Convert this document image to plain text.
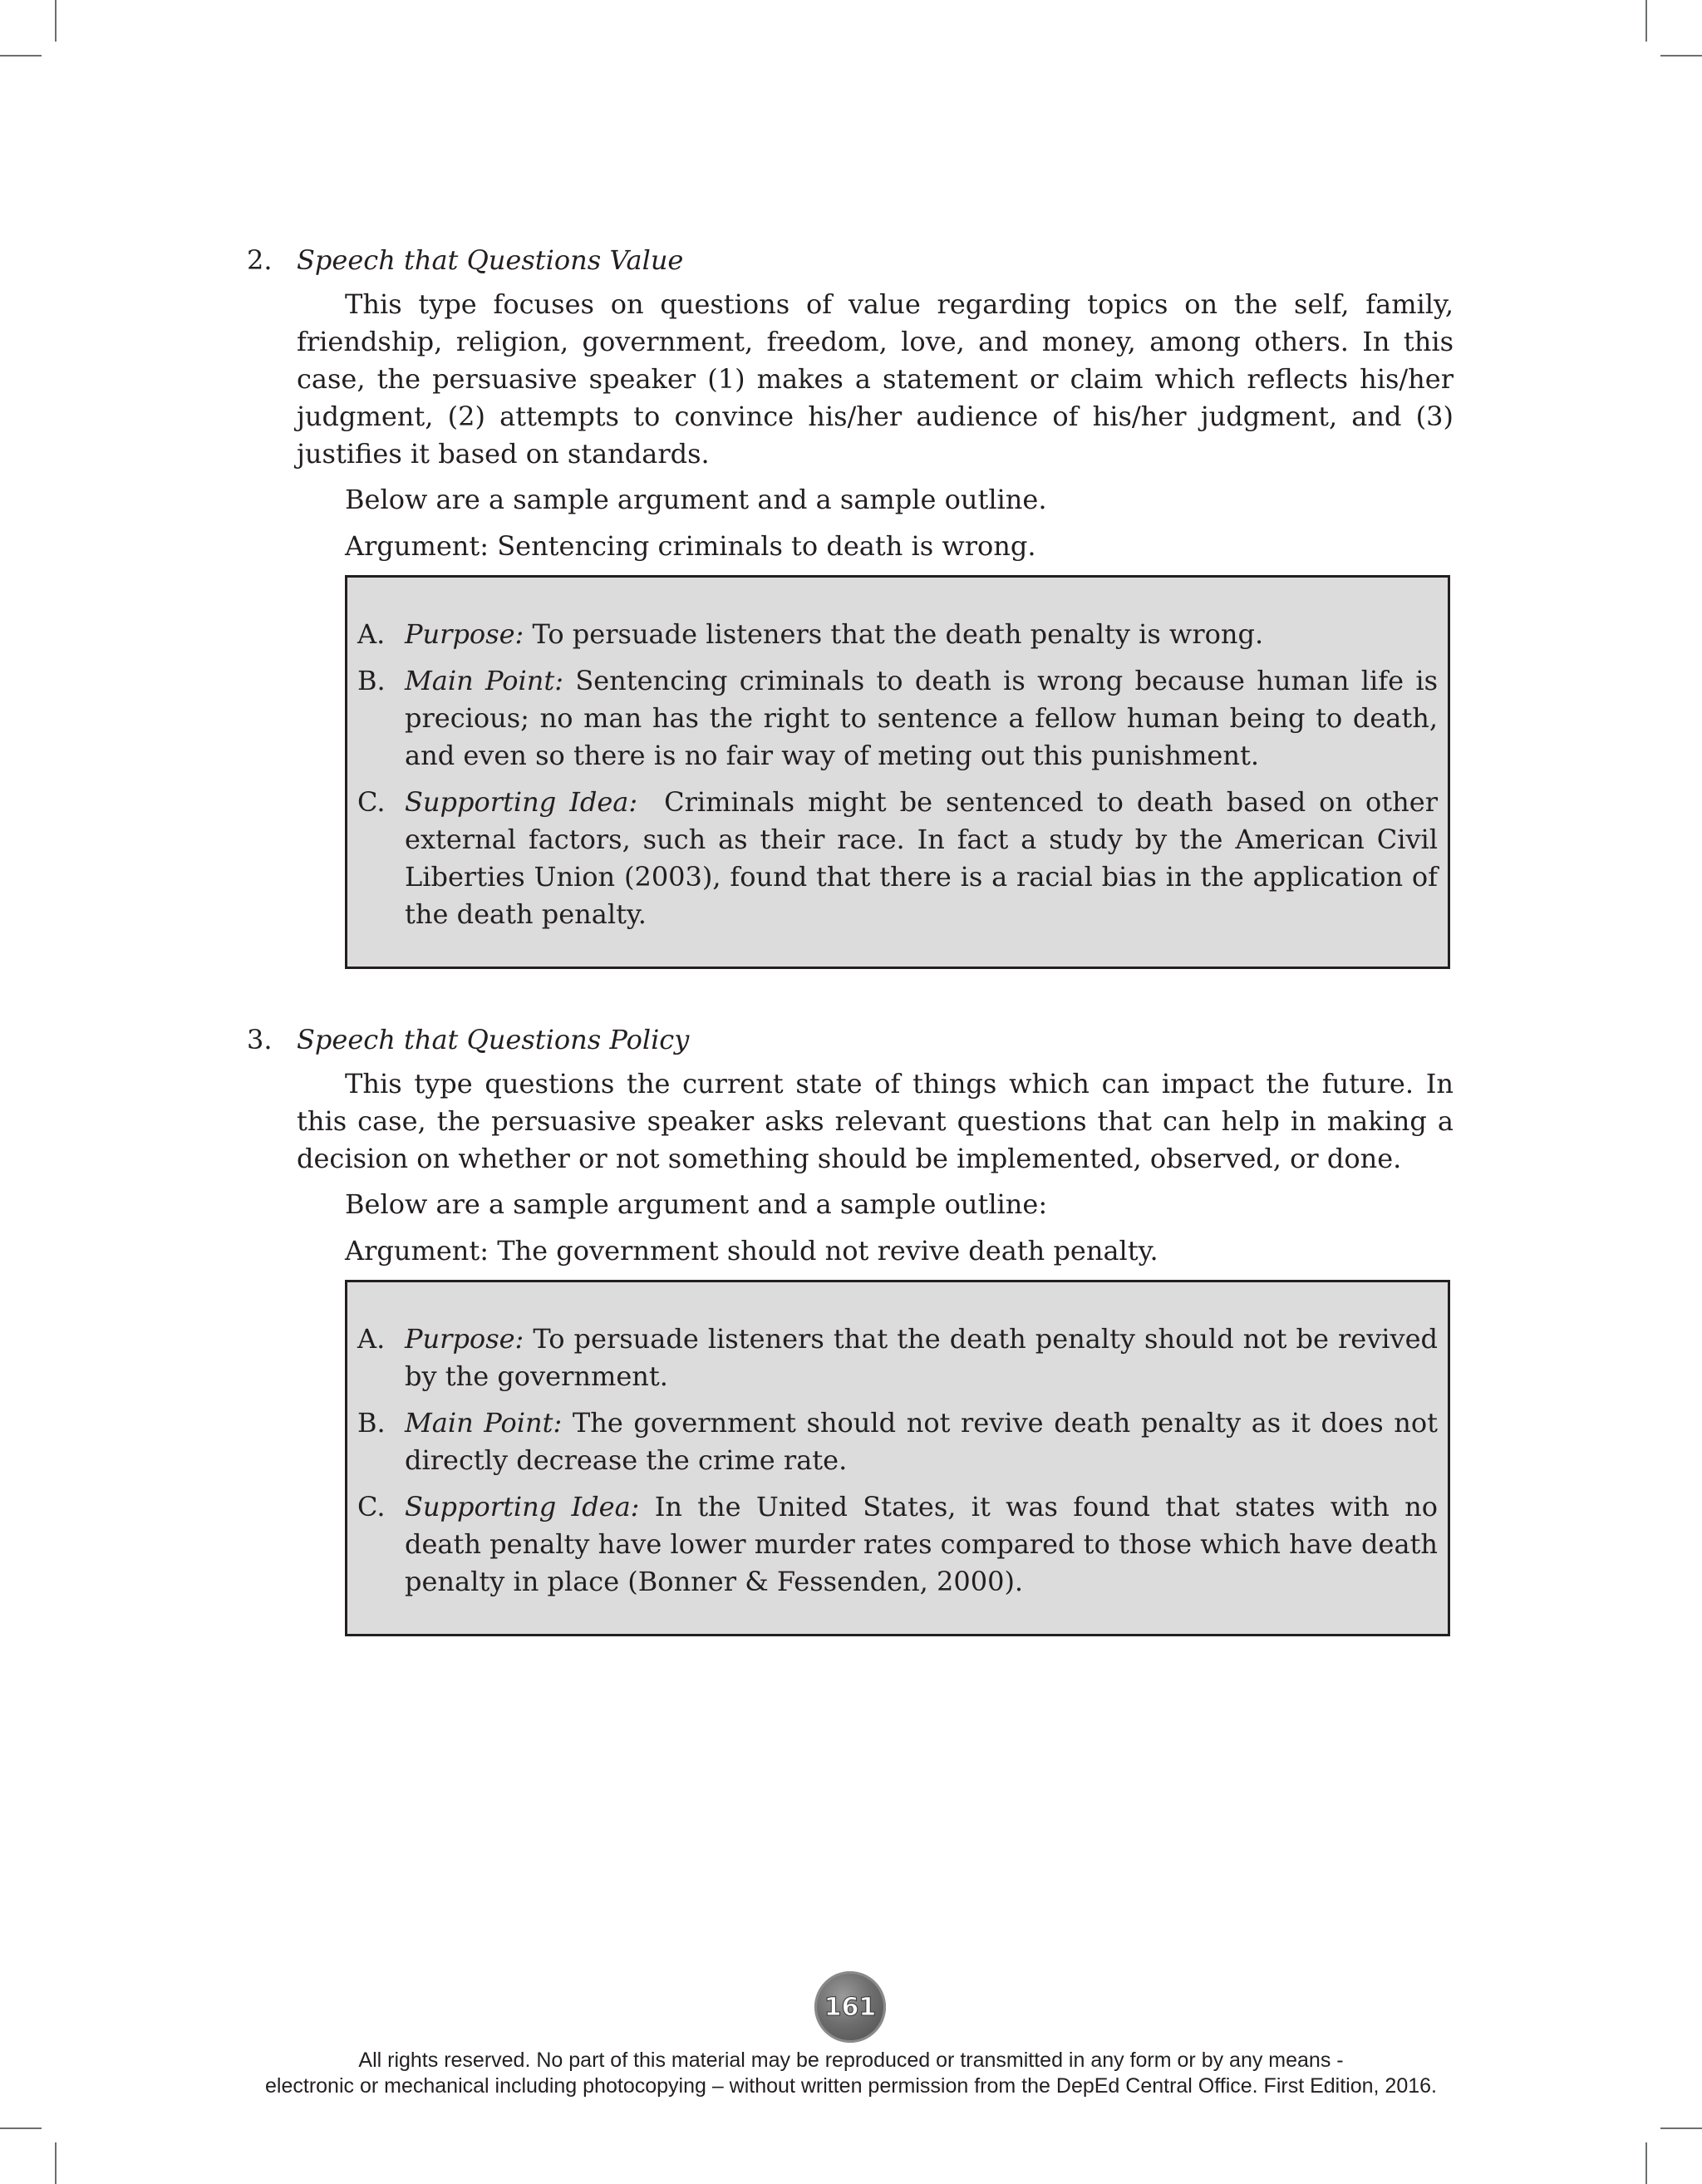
2. Speech that Questions Value

This type focuses on questions of value regarding topics on the self, family, friendship, religion, government, freedom, love, and money, among others. In this case, the persuasive speaker (1) makes a statement or claim which reflects his/her judgment, (2) attempts to convince his/her audience of his/her judgment, and (3) justifies it based on standards.

Below are a sample argument and a sample outline.
Argument: Sentencing criminals to death is wrong.
A. Purpose: To persuade listeners that the death penalty is wrong.
B. Main Point: Sentencing criminals to death is wrong because human life is precious; no man has the right to sentence a fellow human being to death, and even so there is no fair way of meting out this punishment.
C. Supporting Idea:  Criminals might be sentenced to death based on other external factors, such as their race. In fact a study by the American Civil Liberties Union (2003), found that there is a racial bias in the application of the death penalty.
3. Speech that Questions Policy

This type questions the current state of things which can impact the future. In this case, the persuasive speaker asks relevant questions that can help in making a decision on whether or not something should be implemented, observed, or done.

Below are a sample argument and a sample outline:
Argument: The government should not revive death penalty.
A. Purpose: To persuade listeners that the death penalty should not be revived by the government.
B. Main Point: The government should not revive death penalty as it does not directly decrease the crime rate.
C. Supporting Idea: In the United States, it was found that states with no death penalty have lower murder rates compared to those which have death penalty in place (Bonner & Fessenden, 2000).
161
All rights reserved. No part of this material may be reproduced or transmitted in any form or by any means -
electronic or mechanical including photocopying – without written permission from the DepEd Central Office. First Edition, 2016.
